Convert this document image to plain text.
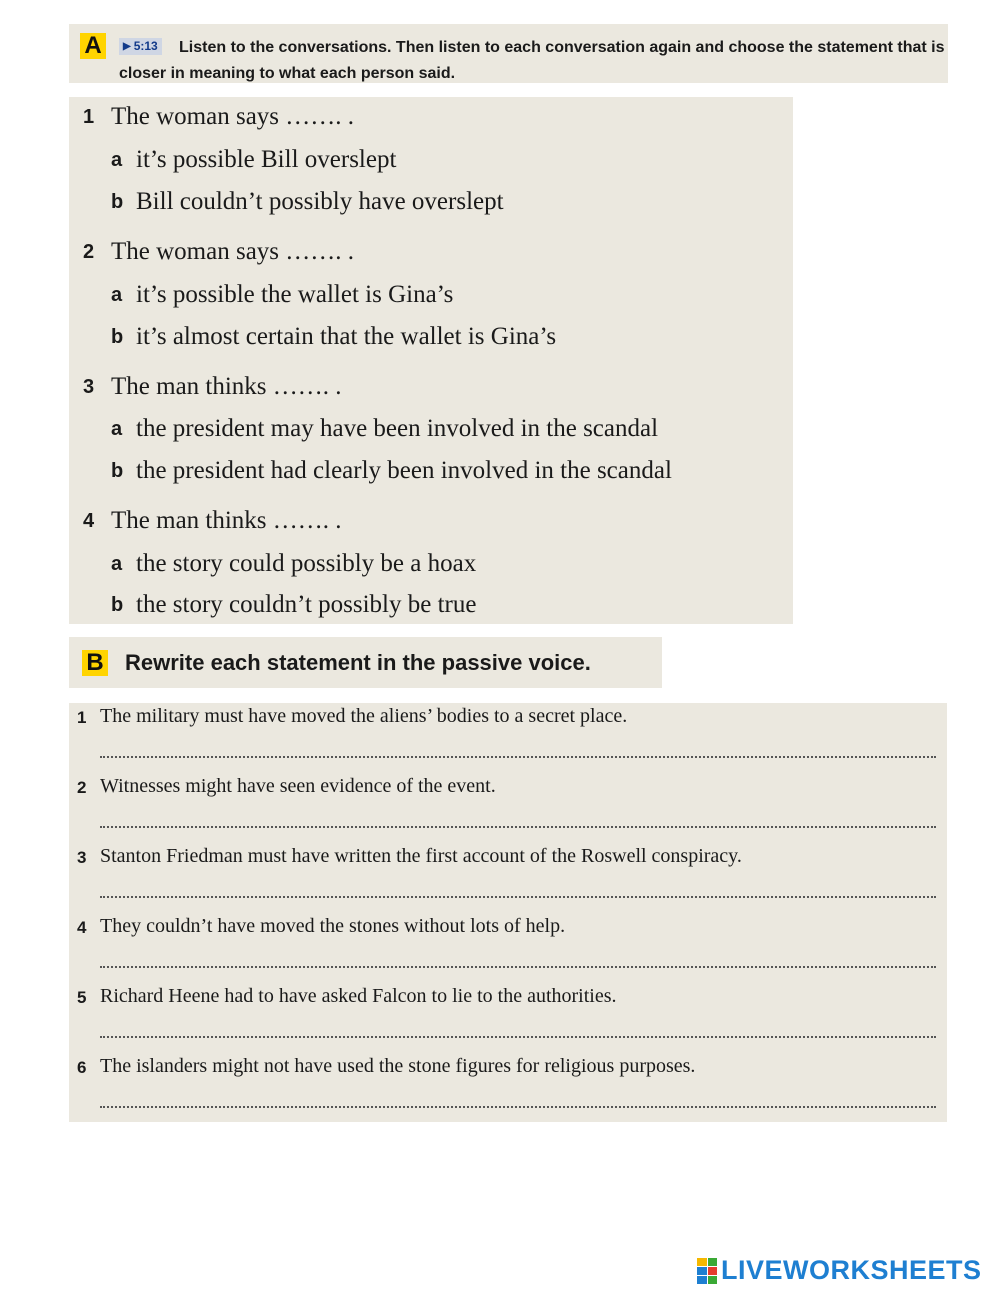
A	Listen to the conversations. Then listen to each conversation again and choose the statement that is closer in meaning to what each person said.
▶ 5:13
1 The woman says ……. .
a it’s possible Bill overslept
b Bill couldn’t possibly have overslept
2 The woman says ……. .
a it’s possible the wallet is Gina’s
b it’s almost certain that the wallet is Gina’s
3 The man thinks ……. .
a the president may have been involved in the scandal
b the president had clearly been involved in the scandal
4 The man thinks ……. .
a the story could possibly be a hoax
b the story couldn’t possibly be true
B Rewrite each statement in the passive voice.
1 The military must have moved the aliens’ bodies to a secret place.
2 Witnesses might have seen evidence of the event.
3 Stanton Friedman must have written the first account of the Roswell conspiracy.
4 They couldn’t have moved the stones without lots of help.
5 Richard Heene had to have asked Falcon to lie to the authorities.
6 The islanders might not have used the stone figures for religious purposes.
LIVEWORKSHEETS
